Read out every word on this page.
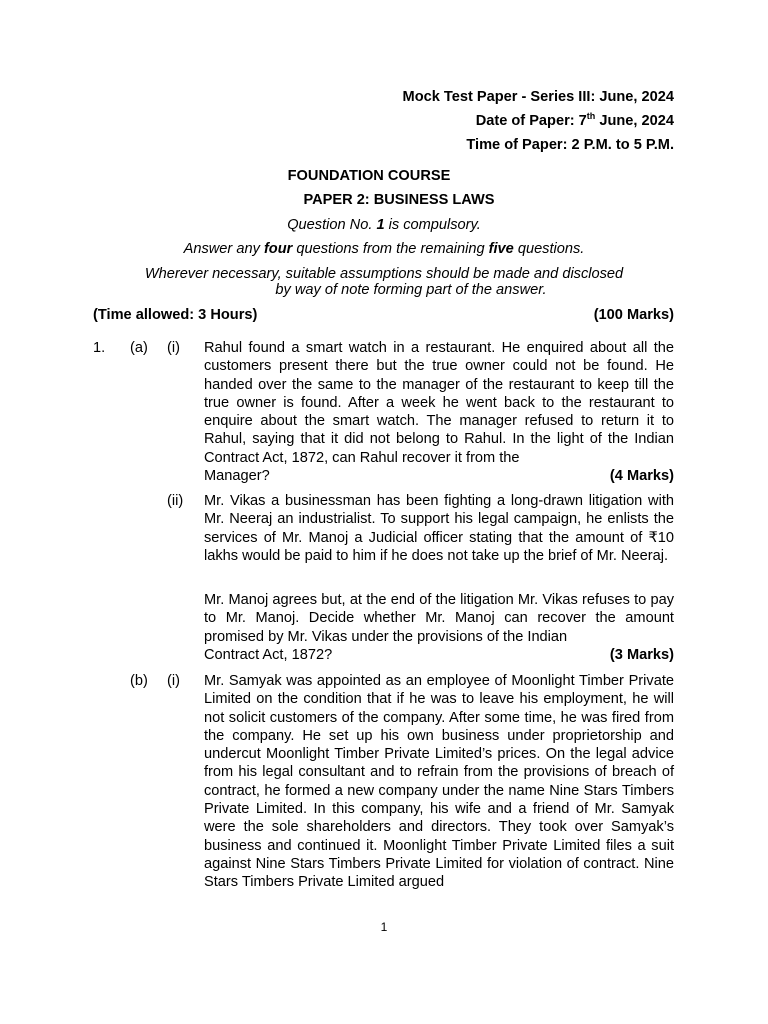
Mock Test Paper - Series III: June, 2024
Date of Paper: 7th June, 2024
Time of Paper: 2 P.M. to 5 P.M.
FOUNDATION COURSE
PAPER 2: BUSINESS LAWS
Question No. 1 is compulsory.
Answer any four questions from the remaining five questions.
Wherever necessary, suitable assumptions should be made and disclosed
by way of note forming part of the answer.
(Time allowed: 3 Hours)	(100 Marks)
1. (a) (i) Rahul found a smart watch in a restaurant. He enquired about all the customers present there but the true owner could not be found. He handed over the same to the manager of the restaurant to keep till the true owner is found. After a week he went back to the restaurant to enquire about the smart watch. The manager refused to return it to Rahul, saying that it did not belong to Rahul. In the light of the Indian Contract Act, 1872, can Rahul recover it from the
Manager?	(4 Marks)
(ii) Mr. Vikas a businessman has been fighting a long-drawn litigation with Mr. Neeraj an industrialist. To support his legal campaign, he enlists the services of Mr. Manoj a Judicial officer stating that the amount of ₹10 lakhs would be paid to him if he does not take up the brief of Mr. Neeraj.
Mr. Manoj agrees but, at the end of the litigation Mr. Vikas refuses to pay to Mr. Manoj. Decide whether Mr. Manoj can recover the amount promised by Mr. Vikas under the provisions of the Indian
Contract Act, 1872?	(3 Marks)
(b) (i) Mr. Samyak was appointed as an employee of Moonlight Timber Private Limited on the condition that if he was to leave his employment, he will not solicit customers of the company. After some time, he was fired from the company. He set up his own business under proprietorship and undercut Moonlight Timber Private Limited’s prices. On the legal advice from his legal consultant and to refrain from the provisions of breach of contract, he formed a new company under the name Nine Stars Timbers Private Limited. In this company, his wife and a friend of Mr. Samyak were the sole shareholders and directors. They took over Samyak’s business and continued it. Moonlight Timber Private Limited files a suit against Nine Stars Timbers Private Limited for violation of contract. Nine Stars Timbers Private Limited argued
1
